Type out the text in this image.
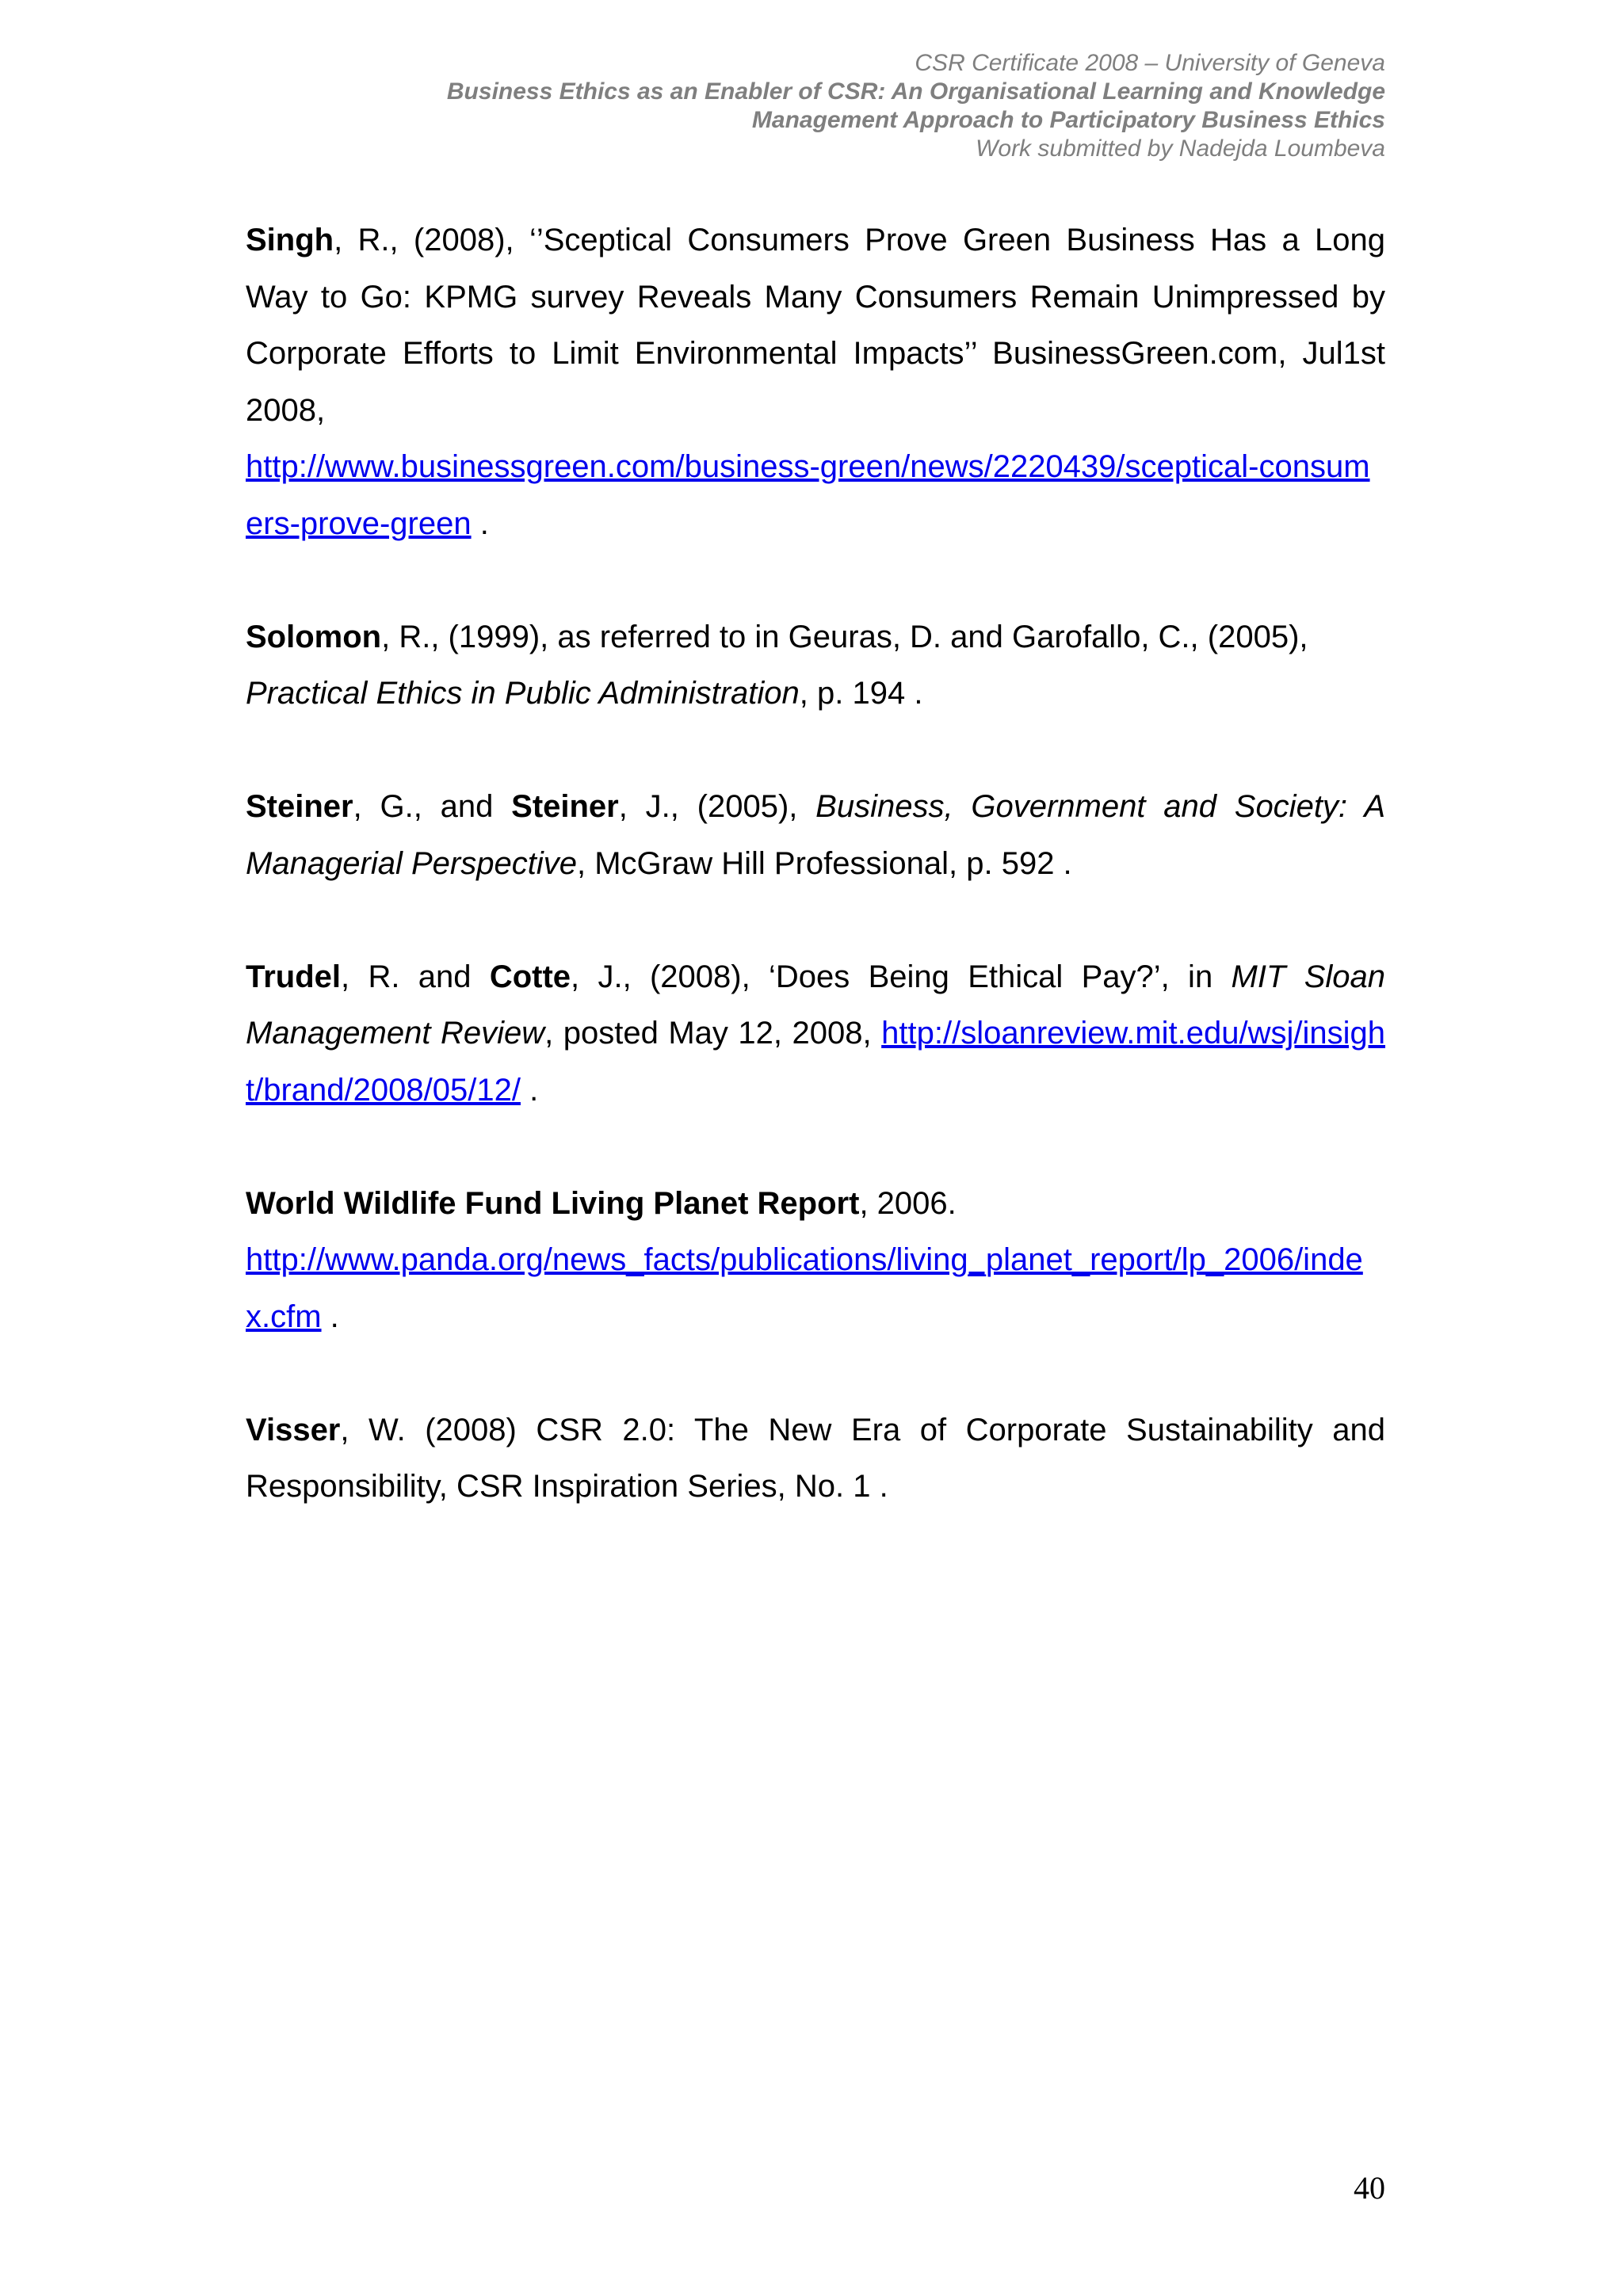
CSR Certificate 2008 – University of Geneva
Business Ethics as an Enabler of CSR: An Organisational Learning and Knowledge
Management Approach to Participatory Business Ethics
Work submitted by Nadejda Loumbeva

Singh, R., (2008), ‘’Sceptical Consumers Prove Green Business Has a Long Way to Go: KPMG survey Reveals Many Consumers Remain Unimpressed by Corporate Efforts to Limit Environmental Impacts’’ BusinessGreen.com, Jul1st 2008,
http://www.businessgreen.com/business-green/news/2220439/sceptical-consumers-prove-green .

Solomon, R., (1999), as referred to in Geuras, D. and Garofallo, C., (2005),
Practical Ethics in Public Administration, p. 194 .

Steiner, G., and Steiner, J., (2005), Business, Government and Society: A Managerial Perspective, McGraw Hill Professional, p. 592 .

Trudel, R. and Cotte, J., (2008), ‘Does Being Ethical Pay?’, in MIT Sloan Management Review, posted May 12, 2008, http://sloanreview.mit.edu/wsj/insight/brand/2008/05/12/ .

World Wildlife Fund Living Planet Report, 2006.
http://www.panda.org/news_facts/publications/living_planet_report/lp_2006/index.cfm .

Visser, W. (2008) CSR 2.0: The New Era of Corporate Sustainability and Responsibility, CSR Inspiration Series, No. 1 .

40
